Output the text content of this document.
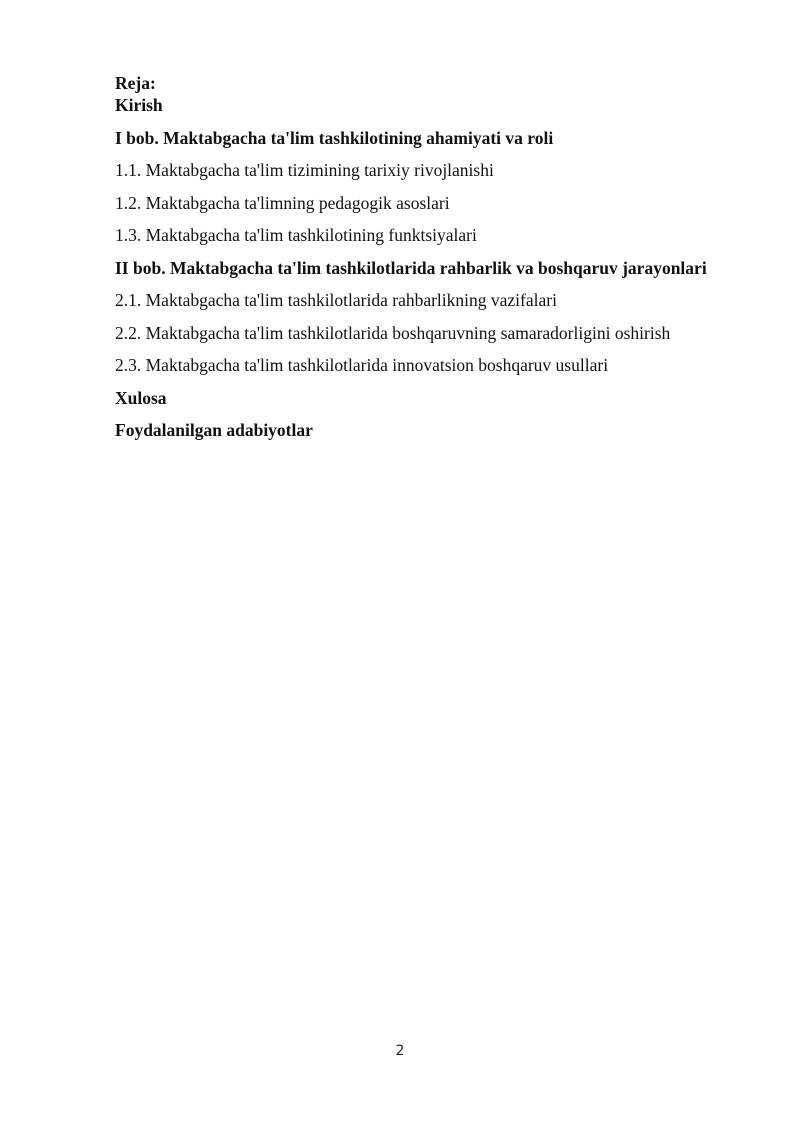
Reja:
Kirish
I bob. Maktabgacha ta'lim tashkilotining ahamiyati va roli
1.1. Maktabgacha ta'lim tizimining tarixiy rivojlanishi
1.2. Maktabgacha ta'limning pedagogik asoslari
1.3. Maktabgacha ta'lim tashkilotining funktsiyalari
II bob. Maktabgacha ta'lim tashkilotlarida rahbarlik va boshqaruv jarayonlari
2.1. Maktabgacha ta'lim tashkilotlarida rahbarlikning vazifalari
2.2. Maktabgacha ta'lim tashkilotlarida boshqaruvning samaradorligini oshirish
2.3. Maktabgacha ta'lim tashkilotlarida innovatsion boshqaruv usullari
Xulosa
Foydalanilgan adabiyotlar
2
